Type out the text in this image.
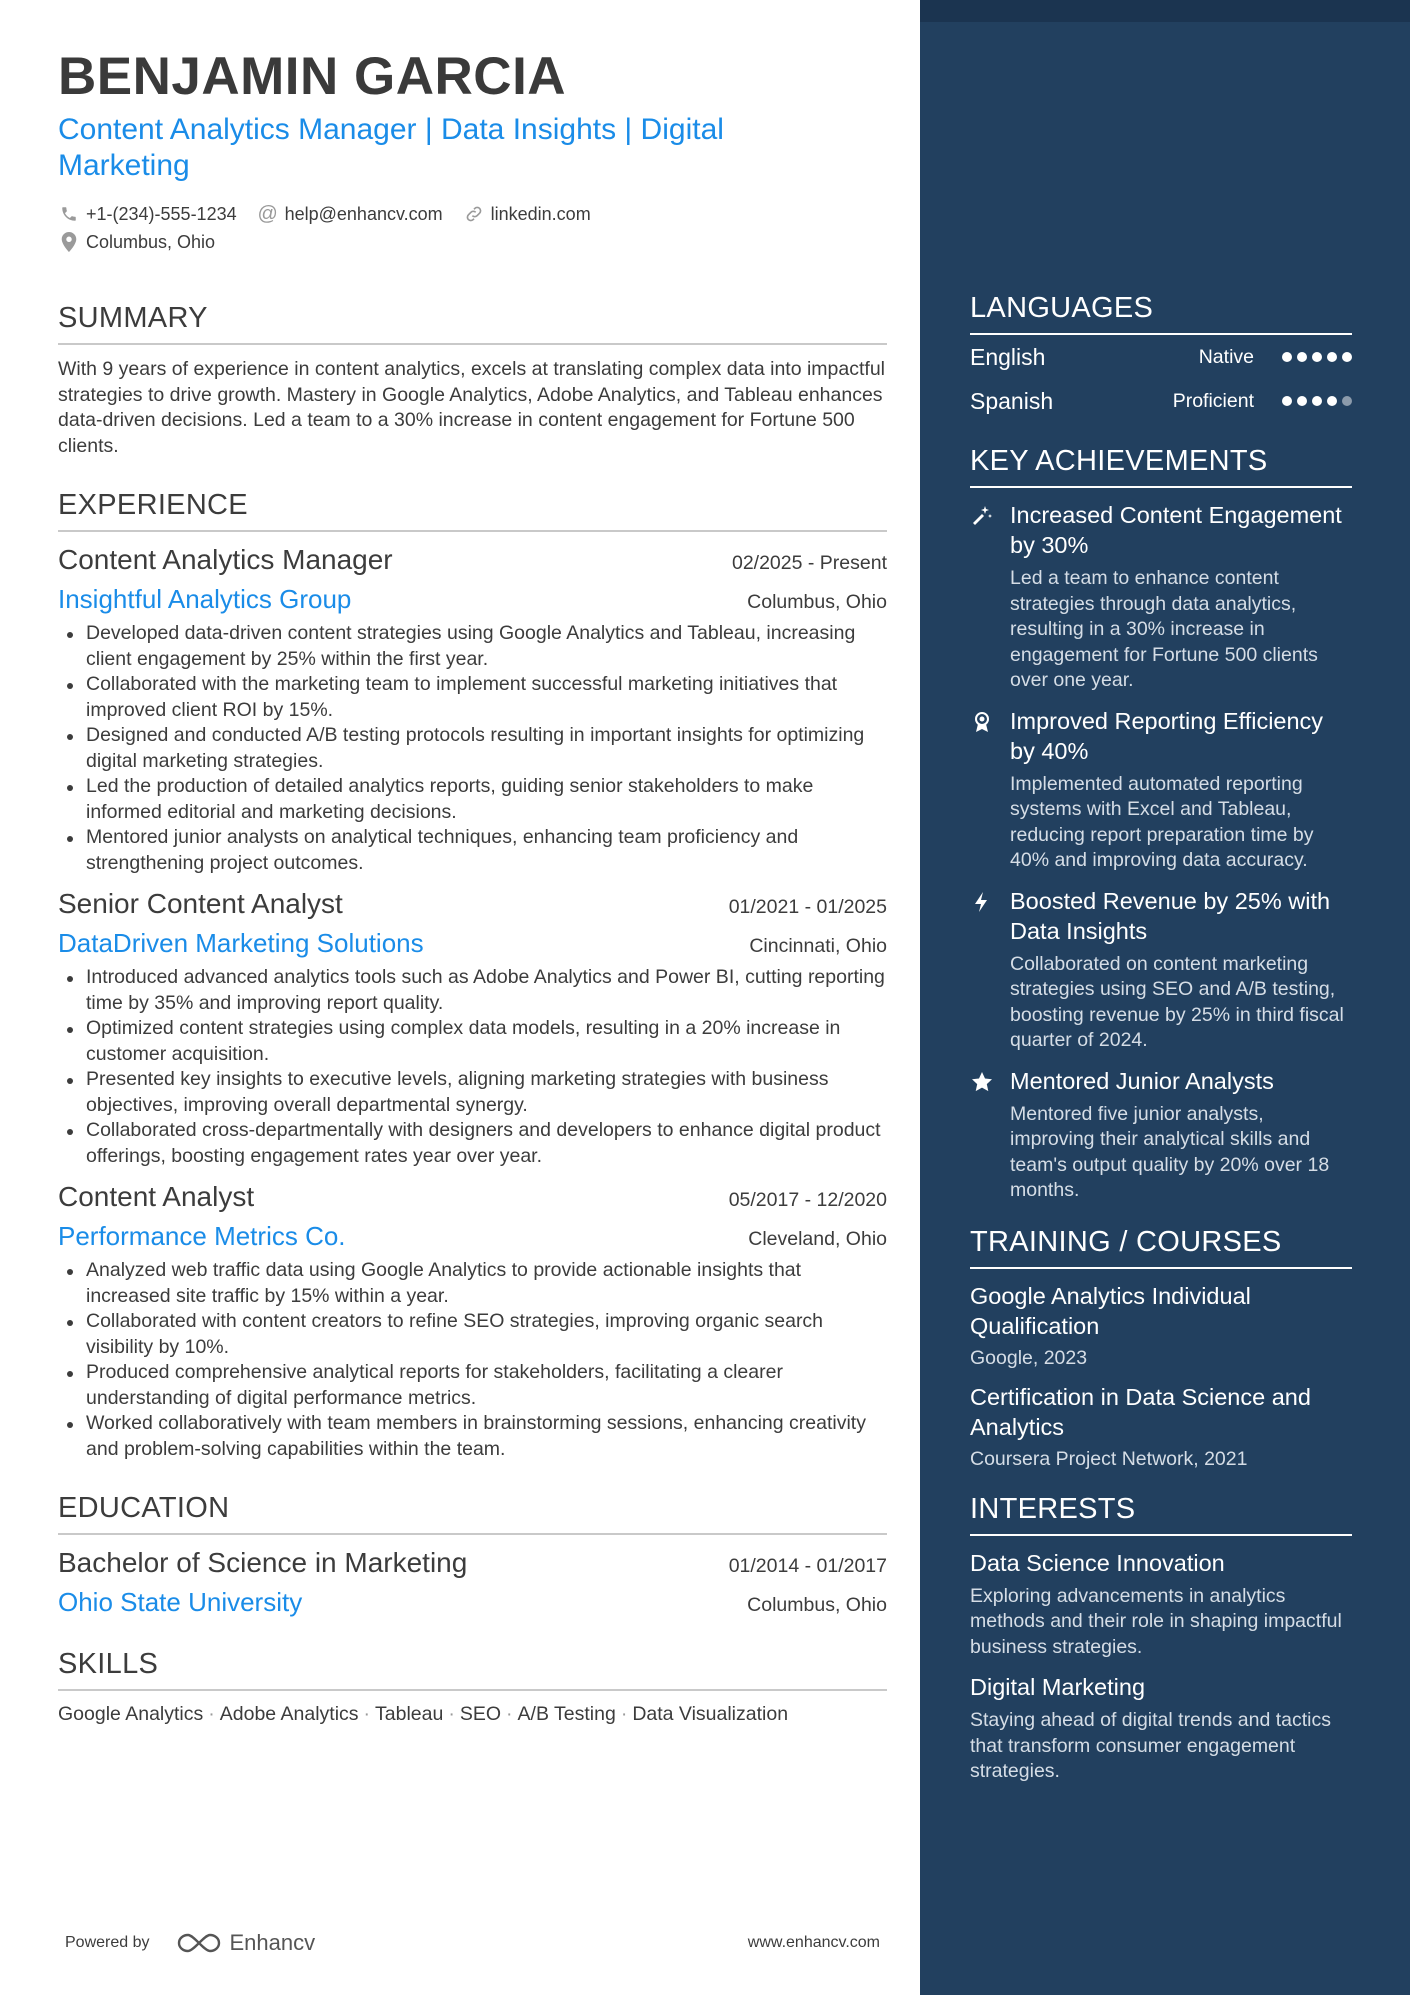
BENJAMIN GARCIA
Content Analytics Manager | Data Insights | Digital Marketing
+1-(234)-555-1234 @ help@enhancv.com	linkedin.com
Columbus, Ohio
SUMMARY
With 9 years of experience in content analytics, excels at translating complex data into impactful strategies to drive growth. Mastery in Google Analytics, Adobe Analytics, and Tableau enhances data-driven decisions. Led a team to a 30% increase in content engagement for Fortune 500 clients.
EXPERIENCE
Content Analytics Manager	02/2025 - Present
Insightful Analytics Group	Columbus, Ohio
Developed data-driven content strategies using Google Analytics and Tableau, increasing client engagement by 25% within the first year.
Collaborated with the marketing team to implement successful marketing initiatives that improved client ROI by 15%.
Designed and conducted A/B testing protocols resulting in important insights for optimizing digital marketing strategies.
Led the production of detailed analytics reports, guiding senior stakeholders to make informed editorial and marketing decisions.
Mentored junior analysts on analytical techniques, enhancing team proficiency and strengthening project outcomes.
Senior Content Analyst	01/2021 - 01/2025
DataDriven Marketing Solutions	Cincinnati, Ohio
Introduced advanced analytics tools such as Adobe Analytics and Power BI, cutting reporting time by 35% and improving report quality.
Optimized content strategies using complex data models, resulting in a 20% increase in customer acquisition.
Presented key insights to executive levels, aligning marketing strategies with business objectives, improving overall departmental synergy.
Collaborated cross-departmentally with designers and developers to enhance digital product offerings, boosting engagement rates year over year.
Content Analyst	05/2017 - 12/2020
Performance Metrics Co.	Cleveland, Ohio
Analyzed web traffic data using Google Analytics to provide actionable insights that increased site traffic by 15% within a year.
Collaborated with content creators to refine SEO strategies, improving organic search visibility by 10%.
Produced comprehensive analytical reports for stakeholders, facilitating a clearer understanding of digital performance metrics.
Worked collaboratively with team members in brainstorming sessions, enhancing creativity and problem-solving capabilities within the team.
EDUCATION
Bachelor of Science in Marketing	01/2014 - 01/2017
Ohio State University	Columbus, Ohio
SKILLS
Google Analytics · Adobe Analytics · Tableau · SEO · A/B Testing · Data Visualization
Powered by	Enhancv	www.enhancv.com
LANGUAGES
English	Native
Spanish	Proficient
KEY ACHIEVEMENTS
Increased Content Engagement by 30%
Led a team to enhance content strategies through data analytics, resulting in a 30% increase in engagement for Fortune 500 clients over one year.
Improved Reporting Efficiency by 40%
Implemented automated reporting systems with Excel and Tableau, reducing report preparation time by 40% and improving data accuracy.
Boosted Revenue by 25% with Data Insights
Collaborated on content marketing strategies using SEO and A/B testing, boosting revenue by 25% in third fiscal quarter of 2024.
Mentored Junior Analysts
Mentored five junior analysts, improving their analytical skills and team's output quality by 20% over 18 months.
TRAINING / COURSES
Google Analytics Individual Qualification
Google, 2023
Certification in Data Science and Analytics
Coursera Project Network, 2021
INTERESTS
Data Science Innovation
Exploring advancements in analytics methods and their role in shaping impactful business strategies.
Digital Marketing
Staying ahead of digital trends and tactics that transform consumer engagement strategies.
